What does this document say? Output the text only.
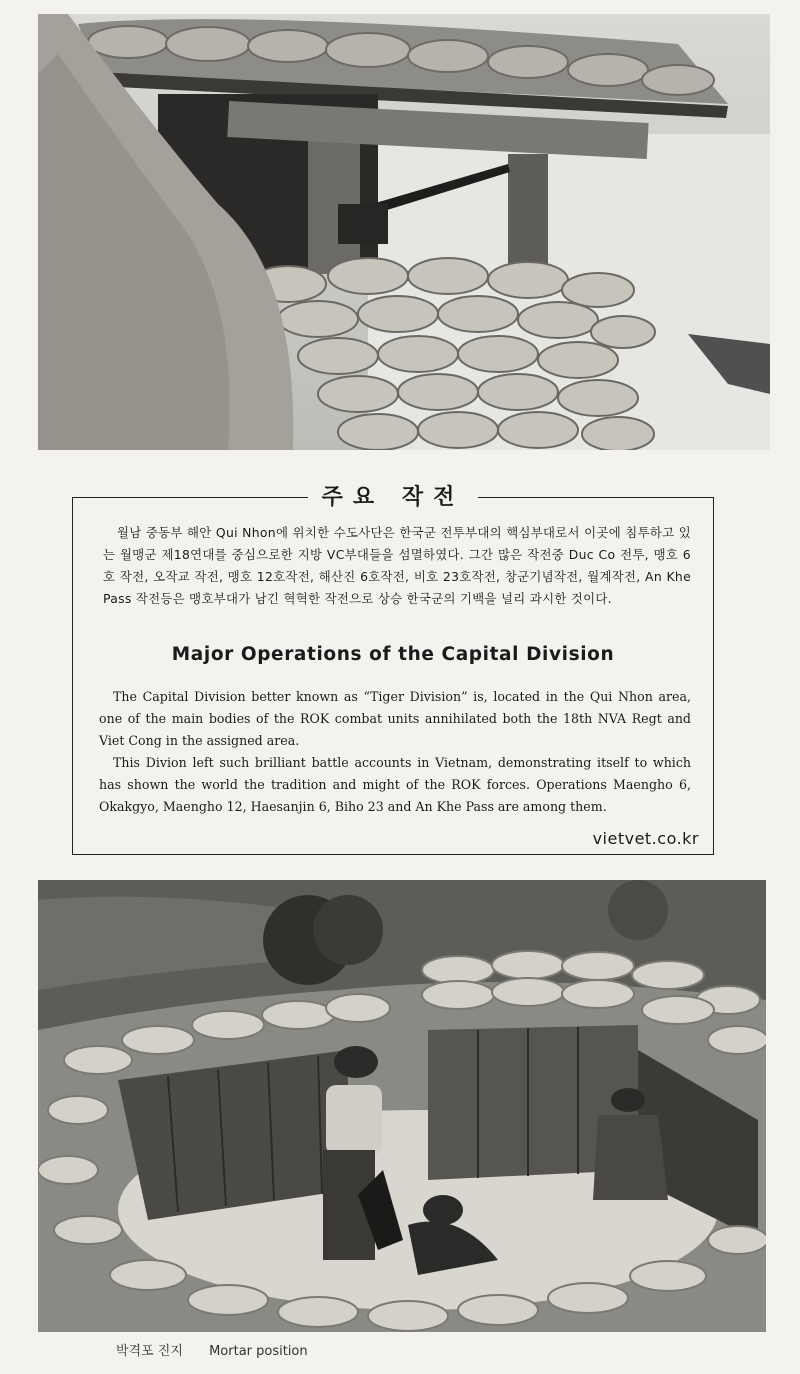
주요 작전
월남 중동부 해안 Qui Nhon에 위치한 수도사단은 한국군 전투부대의 핵심부대로서 이곳에 침투하고 있는 월맹군 제18연대를 중심으로한 지방 VC부대들을 섬멸하였다. 그간 많은 작전중 Duc Co 전투, 맹호 6호 작전, 오작교 작전, 맹호 12호작전, 해산진 6호작전, 비호 23호작전, 창군기념작전, 월계작전, An Khe Pass 작전등은 맹호부대가 남긴 혁혁한 작전으로 상승 한국군의 기백을 널리 과시한 것이다.
Major Operations of the Capital Division
The Capital Division better known as “Tiger Division” is, located in the Qui Nhon area, one of the main bodies of the ROK combat units annihilated both the 18th NVA Regt and Viet Cong in the assigned area.
This Divion left such brilliant battle accounts in Vietnam, demonstrating itself to which has shown the world the tradition and might of the ROK forces. Operations Maengho 6, Okakgyo, Maengho 12, Haesanjin 6, Biho 23 and An Khe Pass are among them.
vietvet.co.kr
박격포 진지 Mortar position
